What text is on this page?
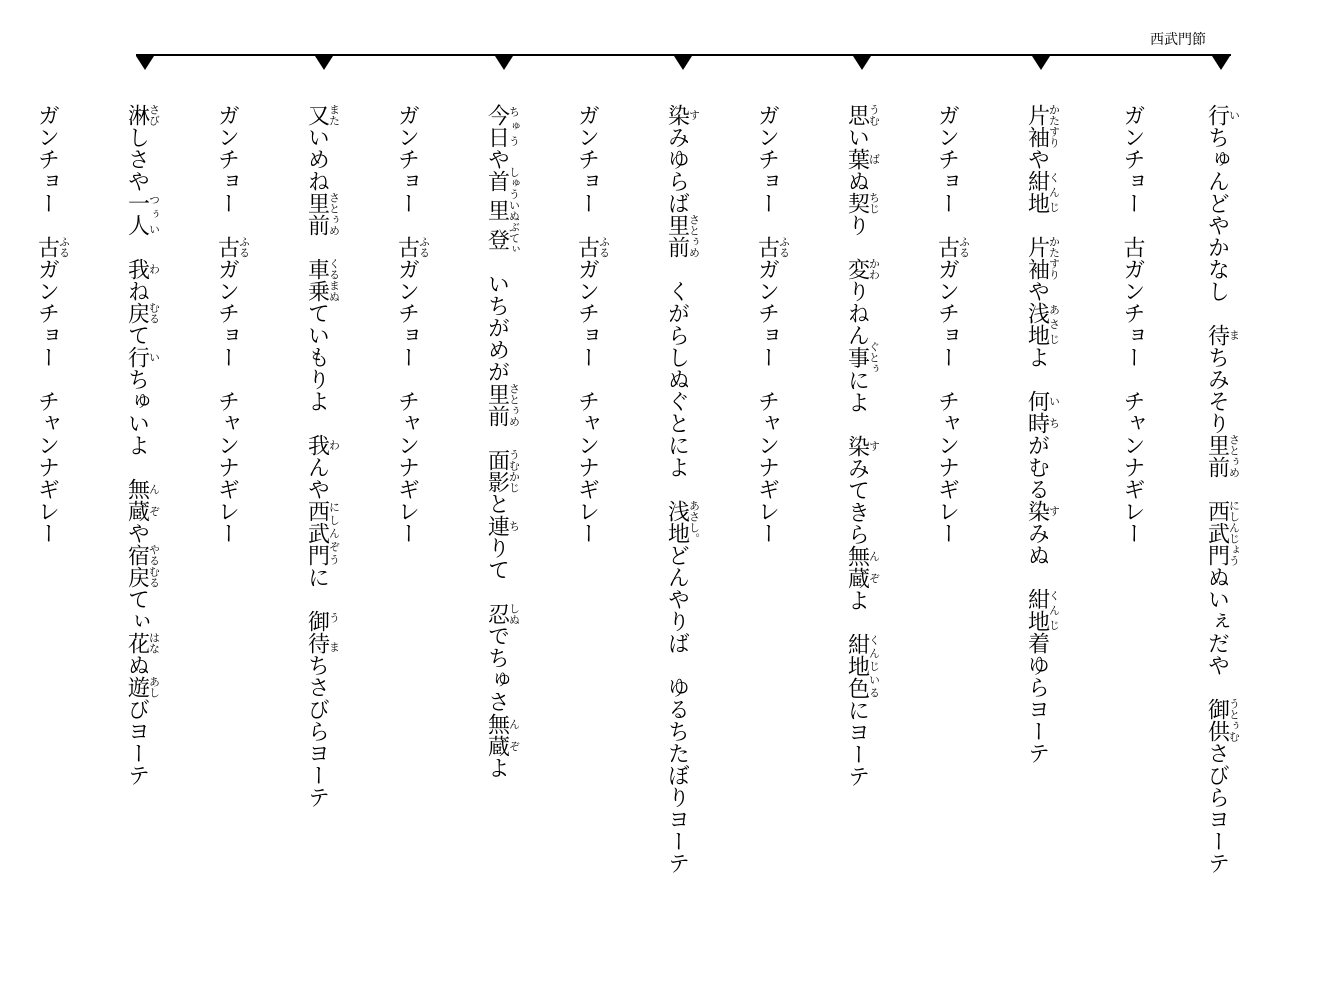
西武門節
行いちゅんどやかなし　待まちみそり里前さとぅめ　西武門にしんじょうぬいぇだや　御供うとぅむさびらヨーテ
ガンチョー　古ガンチョー　チャンナギレー
片袖かたすりや紺地くんじ　片袖かたすりや浅地あさじよ　何時いちがむる染すみぬ　紺地くんじ着ゆらヨーテ
ガンチョー　古ふるガンチョー　チャンナギレー
思うむい葉ばぬ契ちじり　変かわりねん事ぐとぅによ　染すみてきら無蔵んぞよ　紺地色くんじいるにヨーテ
ガンチョー　古ふるガンチョー　チャンナギレー
染すみゆらば里前さとぅめ　くがらしぬぐとによ　浅地あさし。どんやりば　ゆるちたぼりヨーテ
ガンチョー　古ふるガンチョー　チャンナギレー
今日ちゅうや首里登しゅういぬぶてぃ　いちがめが里前さとぅめ　面影うむかじと連ちりて　忍しぬでちゅさ無蔵んぞよ
ガンチョー　古ふるガンチョー　チャンナギレー
又またいめね里前さとぅめ　車乗くるまぬていもりよ　我わんや西武門にしんぞうに　御待う　まちさびらヨーテ
ガンチョー　古ふるガンチョー　チャンナギレー
淋さびしさや一人つぅい　我わね戻むるて行いちゅいよ　無蔵んぞや宿戻やるむるてぃ花はなぬ遊あしびヨーテ
ガンチョー　古ふるガンチョー　チャンナギレー
